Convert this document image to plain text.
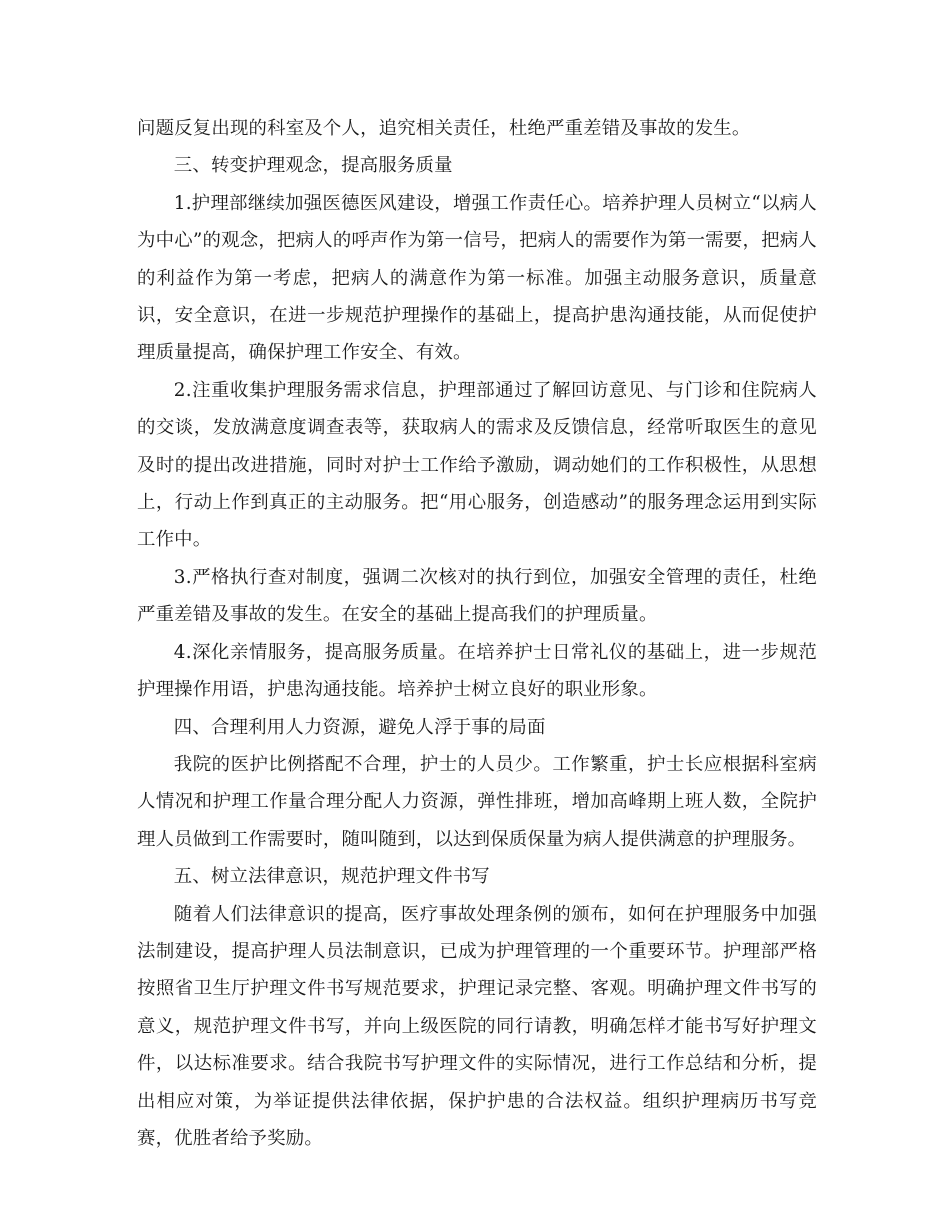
问题反复出现的科室及个人，追究相关责任，杜绝严重差错及事故的发生。

三、转变护理观念，提高服务质量

1.护理部继续加强医德医风建设，增强工作责任心。培养护理人员树立“以病人为中心”的观念，把病人的呼声作为第一信号，把病人的需要作为第一需要，把病人的利益作为第一考虑，把病人的满意作为第一标准。加强主动服务意识，质量意识，安全意识，在进一步规范护理操作的基础上，提高护患沟通技能，从而促使护理质量提高，确保护理工作安全、有效。

2.注重收集护理服务需求信息，护理部通过了解回访意见、与门诊和住院病人的交谈，发放满意度调查表等，获取病人的需求及反馈信息，经常听取医生的意见及时的提出改进措施，同时对护士工作给予激励，调动她们的工作积极性，从思想上，行动上作到真正的主动服务。把“用心服务，创造感动”的服务理念运用到实际工作中。

3.严格执行查对制度，强调二次核对的执行到位，加强安全管理的责任，杜绝严重差错及事故的发生。在安全的基础上提高我们的护理质量。

4.深化亲情服务，提高服务质量。在培养护士日常礼仪的基础上，进一步规范护理操作用语，护患沟通技能。培养护士树立良好的职业形象。

四、合理利用人力资源，避免人浮于事的局面

我院的医护比例搭配不合理，护士的人员少。工作繁重，护士长应根据科室病人情况和护理工作量合理分配人力资源，弹性排班，增加高峰期上班人数，全院护理人员做到工作需要时，随叫随到，以达到保质保量为病人提供满意的护理服务。

五、树立法律意识，规范护理文件书写

随着人们法律意识的提高，医疗事故处理条例的颁布，如何在护理服务中加强法制建设，提高护理人员法制意识，已成为护理管理的一个重要环节。护理部严格按照省卫生厅护理文件书写规范要求，护理记录完整、客观。明确护理文件书写的意义，规范护理文件书写，并向上级医院的同行请教，明确怎样才能书写好护理文件，以达标准要求。结合我院书写护理文件的实际情况，进行工作总结和分析，提出相应对策，为举证提供法律依据，保护护患的合法权益。组织护理病历书写竞赛，优胜者给予奖励。
